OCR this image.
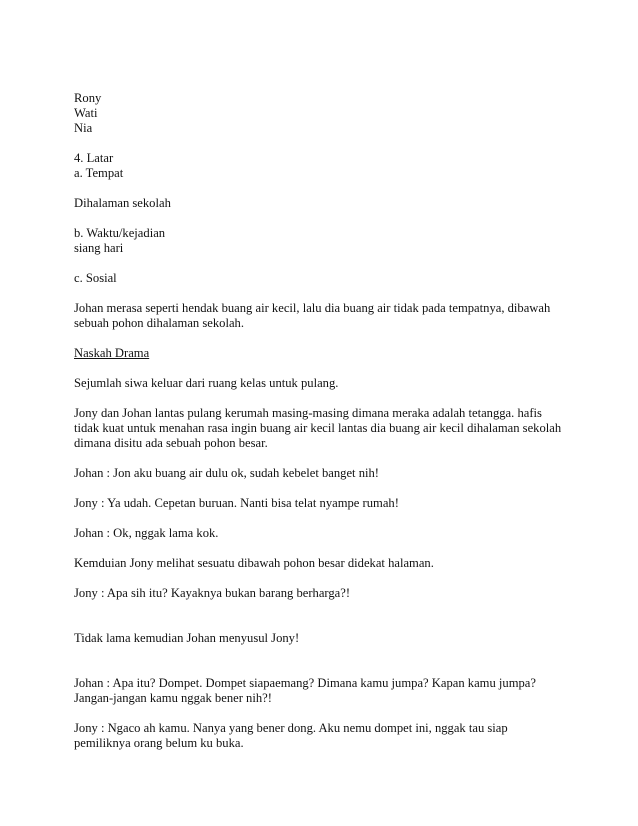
Rony

Wati

Nia

4. Latar

a. Tempat

Dihalaman sekolah

b. Waktu/kejadian

siang hari

c. Sosial

Johan merasa seperti hendak buang air kecil, lalu dia buang air tidak pada tempatnya, dibawah

sebuah pohon dihalaman sekolah.

Naskah Drama

Sejumlah siwa keluar dari ruang kelas untuk pulang.

Jony dan Johan lantas pulang kerumah masing-masing dimana meraka adalah tetangga. hafis

tidak kuat untuk menahan rasa ingin buang air kecil lantas dia buang air kecil dihalaman sekolah

dimana disitu ada sebuah pohon besar.

Johan : Jon aku buang air dulu ok, sudah kebelet banget nih!

Jony : Ya udah. Cepetan buruan. Nanti bisa telat nyampe rumah!

Johan : Ok, nggak lama kok.

Kemduian Jony melihat sesuatu dibawah pohon besar didekat halaman.

Jony : Apa sih itu? Kayaknya bukan barang berharga?!

Tidak lama kemudian Johan menyusul Jony!

Johan : Apa itu? Dompet. Dompet siapaemang? Dimana kamu jumpa? Kapan kamu jumpa?

Jangan-jangan kamu nggak bener nih?!

Jony : Ngaco ah kamu. Nanya yang bener dong. Aku nemu dompet ini, nggak tau siap

pemiliknya orang belum ku buka.
